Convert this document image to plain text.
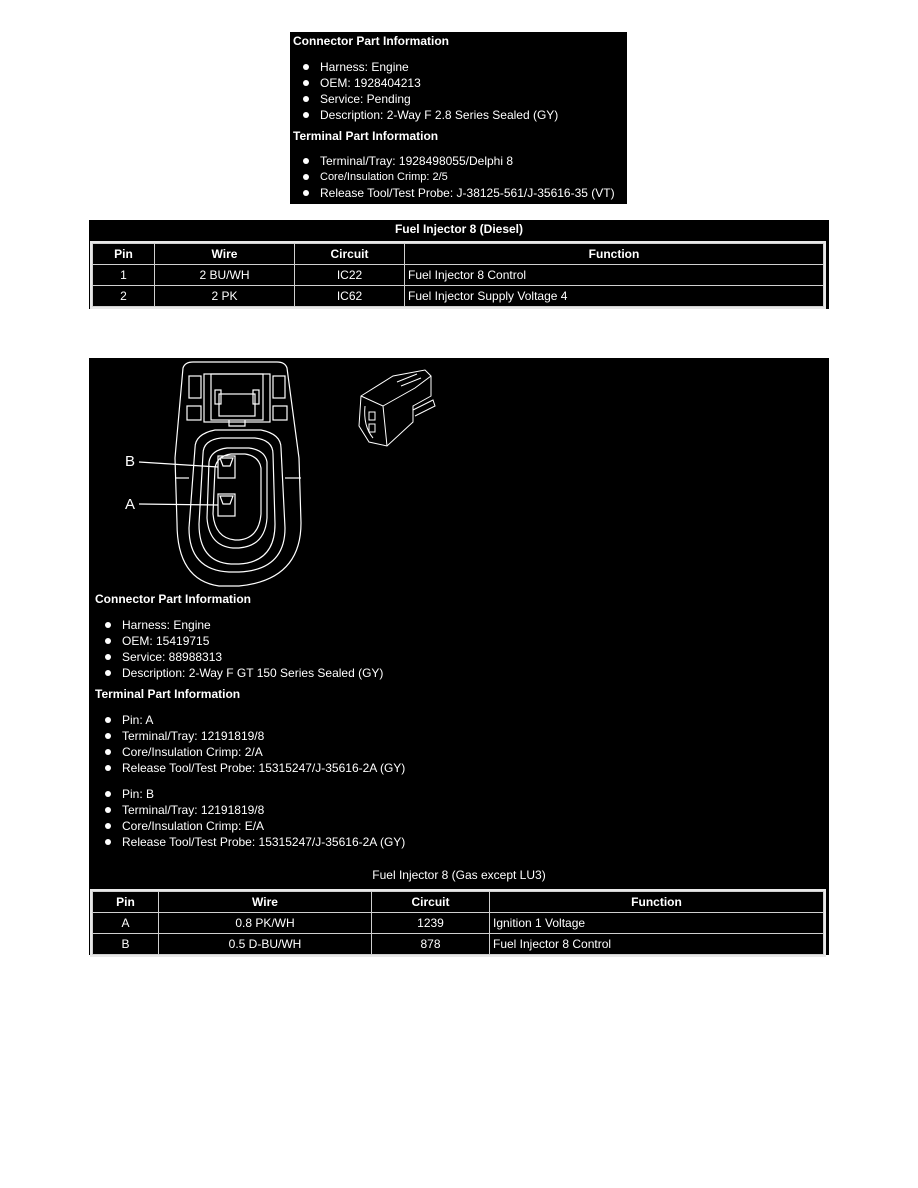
Connector Part Information
Harness: Engine
OEM: 1928404213
Service: Pending
Description: 2-Way F 2.8 Series Sealed (GY)
Terminal Part Information
Terminal/Tray: 1928498055/Delphi 8
Core/Insulation Crimp: 2/5
Release Tool/Test Probe: J-38125-561/J-35616-35 (VT)
Fuel Injector 8 (Diesel)
Pin	Wire	Circuit	Function
1	2 BU/WH	IC22	Fuel Injector 8 Control
2	2 PK	IC62	Fuel Injector Supply Voltage 4
B
A
Connector Part Information
Harness: Engine
OEM: 15419715
Service: 88988313
Description: 2-Way F GT 150 Series Sealed (GY)
Terminal Part Information
Pin: A
Terminal/Tray: 12191819/8
Core/Insulation Crimp: 2/A
Release Tool/Test Probe: 15315247/J-35616-2A (GY)
Pin: B
Terminal/Tray: 12191819/8
Core/Insulation Crimp: E/A
Release Tool/Test Probe: 15315247/J-35616-2A (GY)
Fuel Injector 8 (Gas except LU3)
Pin	Wire	Circuit	Function
A	0.8 PK/WH	1239	Ignition 1 Voltage
B	0.5 D-BU/WH	878	Fuel Injector 8 Control
